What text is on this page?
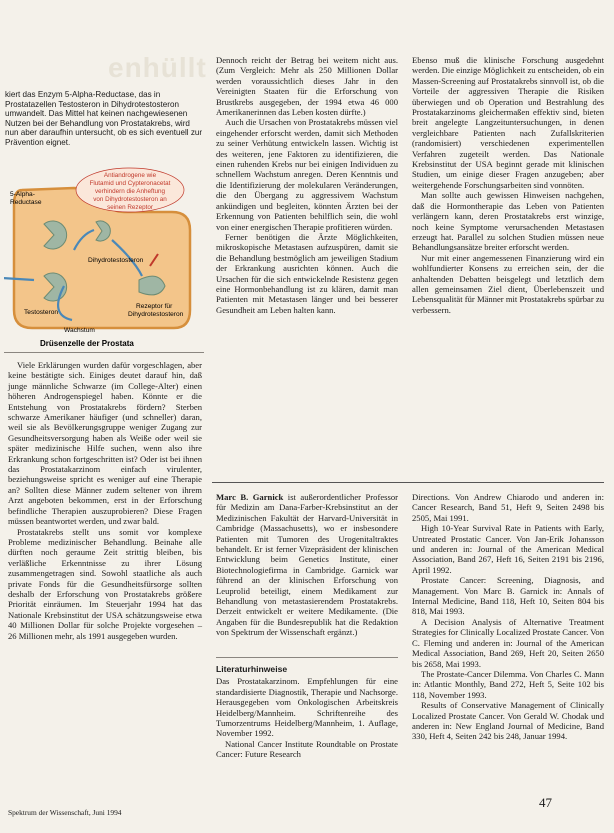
enhüllt
kiert das Enzym 5-Alpha-Reductase, das in Prostatazellen Testosteron in Dihydrotestosteron umwandelt. Das Mittel hat keinen nachgewiesenen Nutzen bei der Behandlung von Prostatakrebs, wird nun aber daraufhin untersucht, ob es sich eventuell zur Prävention eignet.
Antiandrogene wie
Flutamid und Cypteronacetat
verhindern die Anheftung
von Dihydrotestosteron an
seinen Rezeptor
5-Alpha-
Reductase
Dihydrotestosteron
Testosteron
Wachstum
Rezeptor für
Dihydrotestosteron
Drüsenzelle der Prostata

Viele Erklärungen wurden dafür vorgeschlagen, aber keine bestätigte sich. Einiges deutet darauf hin, daß junge männliche Schwarze (im College-Alter) einen höheren Androgenspiegel haben. Könnte er die Entstehung von Prostatakrebs fördern? Sterben schwarze Amerikaner häufiger (und schneller) daran, weil sie als Bevölkerungsgruppe weniger Zugang zur Gesundheitsversorgung haben als Weiße oder weil sie später medizinische Hilfe suchen, wenn also ihre Erkrankung schon fortgeschritten ist? Oder ist bei ihnen das Prostatakarzinom einfach virulenter, beziehungsweise spricht es weniger auf eine Therapie an? Sollten diese Männer zudem seltener von ihrem Arzt angeboten bekommen, erst in der Erforschung befindliche Therapien auszuprobieren? Diese Fragen müssen beantwortet werden, und zwar bald.

Prostatakrebs stellt uns somit vor komplexe Probleme medizinischer Behandlung. Beinahe alle dürften noch geraume Zeit strittig bleiben, bis verläßliche Erkenntnisse zu ihrer Lösung zusammengetragen sind. Sowohl staatliche als auch private Fonds für die Gesundheitsfürsorge sollten deshalb der Erforschung von Prostatakrebs größere Priorität einräumen. Im Steuerjahr 1994 hat das Nationale Krebsinstitut der USA schätzungsweise etwa 40 Millionen Dollar für solche Projekte vorgesehen – 26 Millionen mehr, als 1991 ausgegeben wurden.

Dennoch reicht der Betrag bei weitem nicht aus. (Zum Vergleich: Mehr als 250 Millionen Dollar werden voraussichtlich dieses Jahr in den Vereinigten Staaten für die Erforschung von Brustkrebs ausgegeben, der 1994 etwa 46 000 Amerikanerinnen das Leben kosten dürfte.)

Auch die Ursachen von Prostatakrebs müssen viel eingehender erforscht werden, damit sich Methoden zu seiner Verhütung entwickeln lassen. Wichtig ist des weiteren, jene Faktoren zu identifizieren, die einen ruhenden Krebs nur bei einigen Individuen zu schnellem Wachstum anregen. Deren Kenntnis und die Identifizierung der molekularen Veränderungen, die den Übergang zu aggressivem Wachstum ankündigen und begleiten, könnten Ärzten bei der Erkennung von Patienten behilflich sein, die wohl von einer energischen Therapie profitieren würden.

Ferner benötigen die Ärzte Möglichkeiten, mikroskopische Metastasen aufzuspüren, damit sie die Behandlung bestmöglich am jeweiligen Stadium der Erkrankung ausrichten können. Auch die Ursachen für die sich entwickelnde Resistenz gegen eine Hormonbehandlung ist zu klären, damit man Patienten mit Metastasen länger und bei besserer Gesundheit am Leben halten kann.

Ebenso muß die klinische Forschung ausgedehnt werden. Die einzige Möglichkeit zu entscheiden, ob ein Massen-Screening auf Prostatakrebs sinnvoll ist, ob die Vorteile der aggressiven Therapie die Risiken überwiegen und ob Operation und Bestrahlung des Prostatakarzinoms gleichermaßen effektiv sind, bieten breit angelegte Langzeituntersuchungen, in denen vergleichbare Patienten nach Zufallskriterien (randomisiert) verschiedenen experimentellen Verfahren zugeteilt werden. Das Nationale Krebsinstitut der USA beginnt gerade mit klinischen Studien, um einige dieser Fragen anzugeben; aber weitergehende Forschungsarbeiten sind vonnöten.

Man sollte auch gewissen Hinweisen nachgehen, daß die Hormontherapie das Leben von Patienten verlängern kann, deren Prostatakrebs erst winzige, noch keine Symptome verursachenden Metastasen erzeugt hat. Parallel zu solchen Studien müssen neue Behandlungsansätze breiter erforscht werden.

Nur mit einer angemessenen Finanzierung wird ein wohlfundierter Konsens zu erreichen sein, der die anhaltenden Debatten beisgelegt und letztlich dem allen gemeinsamen Ziel dient, Überlebenszeit und Lebensqualität für Männer mit Prostatakrebs spürbar zu verbessern.

Marc B. Garnick ist außerordentlicher Professor für Medizin am Dana-Farber-Krebsinstitut an der Medizinischen Fakultät der Harvard-Universität in Cambridge (Massachusetts), wo er insbesondere Patienten mit Tumoren des Urogenitaltraktes behandelt. Er ist ferner Vizepräsident der klinischen Entwicklung beim Genetics Institute, einer Biotechnologiefirma in Cambridge. Garnick war führend an der klinischen Erforschung von Leuprolid beteiligt, einem Medikament zur Behandlung von metastasierendem Prostatakrebs. Derzeit entwickelt er weitere Medikamente. (Die Angaben für die Bundesrepublik hat die Redaktion von Spektrum der Wissenschaft ergänzt.)

Literaturhinweise

Das Prostatakarzinom. Empfehlungen für eine standardisierte Diagnostik, Therapie und Nachsorge. Herausgegeben vom Onkologischen Arbeitskreis Heidelberg/Mannheim. Schriftenreihe des Tumorzentrums Heidelberg/Mannheim, 1. Auflage, November 1992.

National Cancer Institute Roundtable on Prostate Cancer: Future Research

Directions. Von Andrew Chiarodo und anderen in: Cancer Research, Band 51, Heft 9, Seiten 2498 bis 2505, Mai 1991.

High 10-Year Survival Rate in Patients with Early, Untreated Prostatic Cancer. Von Jan-Erik Johansson und anderen in: Journal of the American Medical Association, Band 267, Heft 16, Seiten 2191 bis 2196, April 1992.

Prostate Cancer: Screening, Diagnosis, and Management. Von Marc B. Garnick in: Annals of Internal Medicine, Band 118, Heft 10, Seiten 804 bis 818, Mai 1993.

A Decision Analysis of Alternative Treatment Strategies for Clinically Localized Prostate Cancer. Von C. Fleming und anderen in: Journal of the American Medical Association, Band 269, Heft 20, Seiten 2650 bis 2658, Mai 1993.

The Prostate-Cancer Dilemma. Von Charles C. Mann in: Atlantic Monthly, Band 272, Heft 5, Seite 102 bis 118, November 1993.

Results of Conservative Management of Clinically Localized Prostate Cancer. Von Gerald W. Chodak und anderen in: New England Journal of Medicine, Band 330, Heft 4, Seiten 242 bis 248, Januar 1994.

Spektrum der Wissenschaft, Juni 1994
47
